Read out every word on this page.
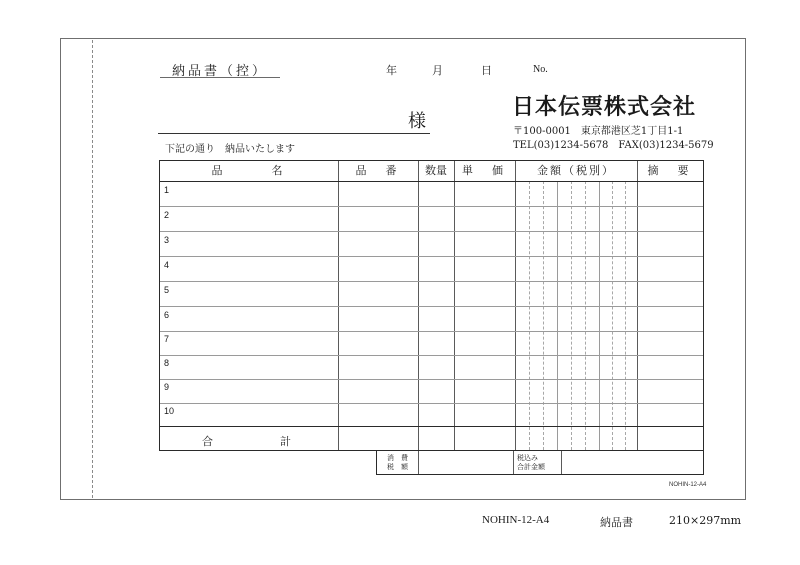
納品書（控）	年	月	日	No.
様
下記の通り　納品いたします
日本伝票株式会社
〒100-0001　東京都港区芝1丁目1-1
TEL(03)1234-5678　FAX(03)1234-5679
品　　　名	品　番	数量	単　価	金額（税別）	摘　要
1
2
3
4
5
6
7
8
9
10
合	計
消　費
税　額
税込み
合計金額
NOHIN-12-A4
NOHIN-12-A4	納品書	210×297mm
